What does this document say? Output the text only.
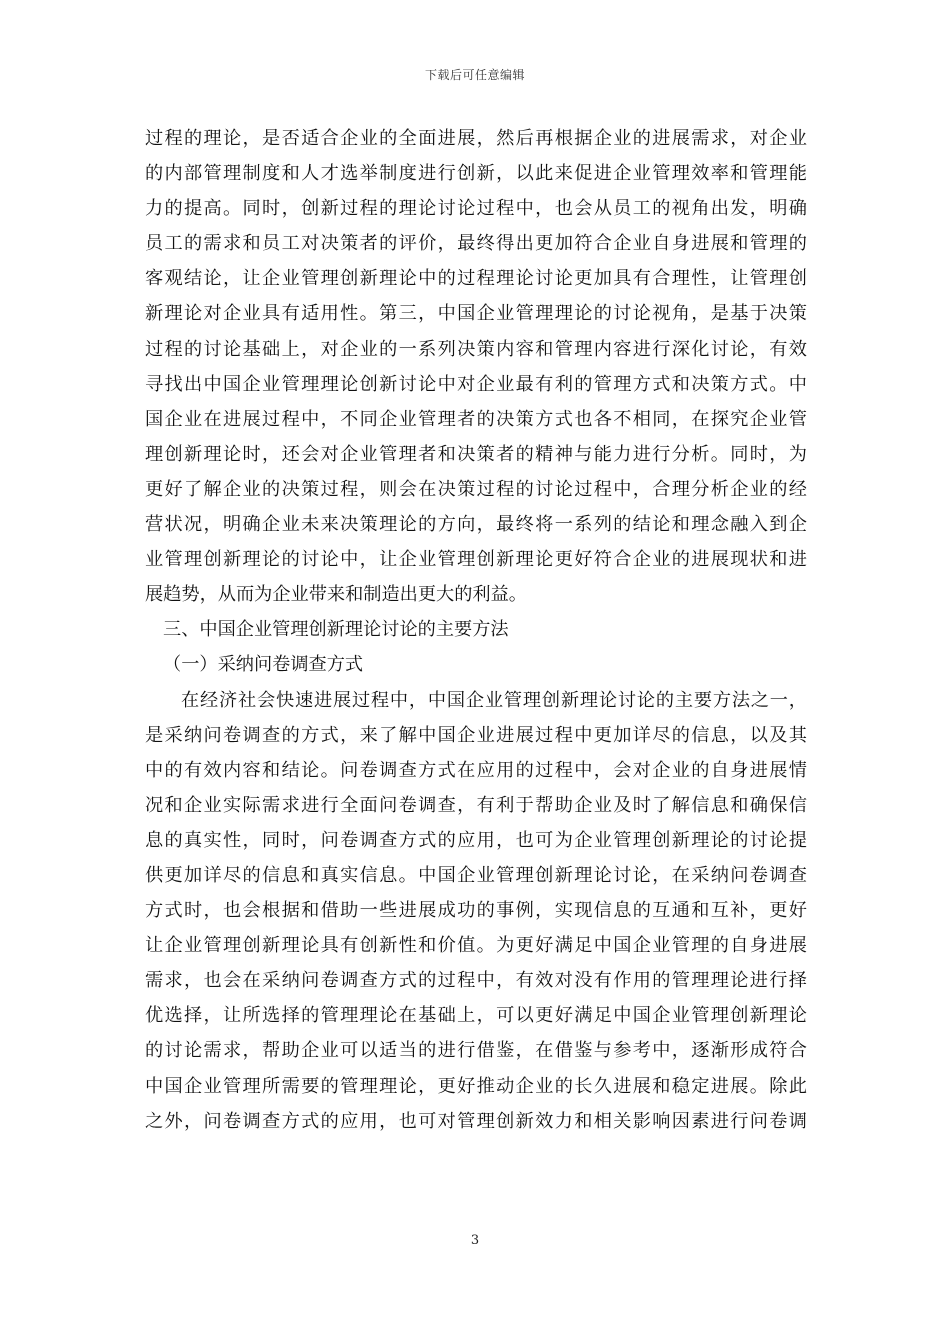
下载后可任意编辑
过程的理论，是否适合企业的全面进展，然后再根据企业的进展需求，对企业
的内部管理制度和人才选举制度进行创新，以此来促进企业管理效率和管理能
力的提高。同时，创新过程的理论讨论过程中，也会从员工的视角出发，明确
员工的需求和员工对决策者的评价，最终得出更加符合企业自身进展和管理的
客观结论，让企业管理创新理论中的过程理论讨论更加具有合理性，让管理创
新理论对企业具有适用性。第三，中国企业管理理论的讨论视角，是基于决策
过程的讨论基础上，对企业的一系列决策内容和管理内容进行深化讨论，有效
寻找出中国企业管理理论创新讨论中对企业最有利的管理方式和决策方式。中
国企业在进展过程中，不同企业管理者的决策方式也各不相同，在探究企业管
理创新理论时，还会对企业管理者和决策者的精神与能力进行分析。同时，为
更好了解企业的决策过程，则会在决策过程的讨论过程中，合理分析企业的经
营状况，明确企业未来决策理论的方向，最终将一系列的结论和理念融入到企
业管理创新理论的讨论中，让企业管理创新理论更好符合企业的进展现状和进
展趋势，从而为企业带来和制造出更大的利益。
三、中国企业管理创新理论讨论的主要方法
（一）采纳问卷调查方式
在经济社会快速进展过程中，中国企业管理创新理论讨论的主要方法之一，
是采纳问卷调查的方式，来了解中国企业进展过程中更加详尽的信息，以及其
中的有效内容和结论。问卷调查方式在应用的过程中，会对企业的自身进展情
况和企业实际需求进行全面问卷调查，有利于帮助企业及时了解信息和确保信
息的真实性，同时，问卷调查方式的应用，也可为企业管理创新理论的讨论提
供更加详尽的信息和真实信息。中国企业管理创新理论讨论，在采纳问卷调查
方式时，也会根据和借助一些进展成功的事例，实现信息的互通和互补，更好
让企业管理创新理论具有创新性和价值。为更好满足中国企业管理的自身进展
需求，也会在采纳问卷调查方式的过程中，有效对没有作用的管理理论进行择
优选择，让所选择的管理理论在基础上，可以更好满足中国企业管理创新理论
的讨论需求，帮助企业可以适当的进行借鉴，在借鉴与参考中，逐渐形成符合
中国企业管理所需要的管理理论，更好推动企业的长久进展和稳定进展。除此
之外，问卷调查方式的应用，也可对管理创新效力和相关影响因素进行问卷调
3
